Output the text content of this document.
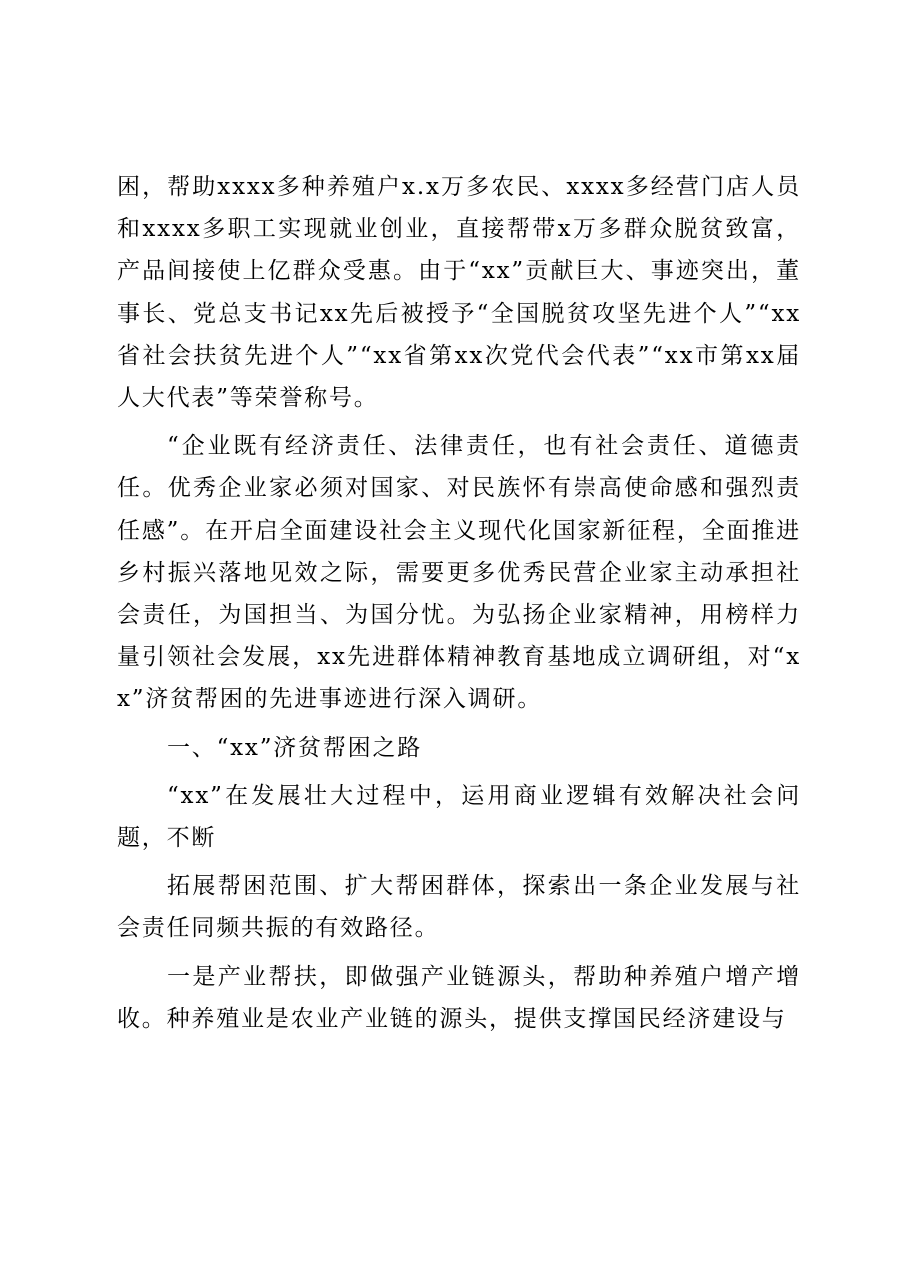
困，帮助xxxx多种养殖户x.x万多农民、xxxx多经营门店人员和xxxx多职工实现就业创业，直接帮带x万多群众脱贫致富，产品间接使上亿群众受惠。由于“xx”贡献巨大、事迹突出，董事长、党总支书记xx先后被授予“全国脱贫攻坚先进个人”“xx省社会扶贫先进个人”“xx省第xx次党代会代表”“xx市第xx届人大代表”等荣誉称号。

“企业既有经济责任、法律责任，也有社会责任、道德责任。优秀企业家必须对国家、对民族怀有崇高使命感和强烈责任感”。在开启全面建设社会主义现代化国家新征程，全面推进乡村振兴落地见效之际，需要更多优秀民营企业家主动承担社会责任，为国担当、为国分忧。为弘扬企业家精神，用榜样力量引领社会发展，xx先进群体精神教育基地成立调研组，对“xx”济贫帮困的先进事迹进行深入调研。

一、“xx”济贫帮困之路

“xx”在发展壮大过程中，运用商业逻辑有效解决社会问题，不断

拓展帮困范围、扩大帮困群体，探索出一条企业发展与社会责任同频共振的有效路径。

一是产业帮扶，即做强产业链源头，帮助种养殖户增产增收。种养殖业是农业产业链的源头，提供支撑国民经济建设与
